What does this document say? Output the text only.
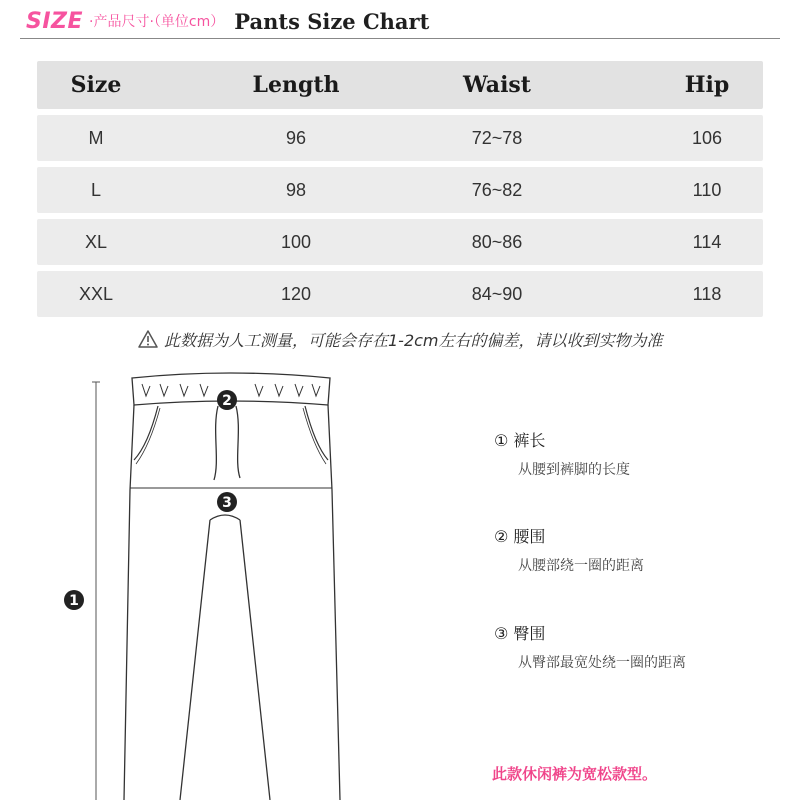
SIZE ·产品尺寸·（单位cm） Pants Size Chart
Size	Length	Waist	Hip
M	96	72~78	106
L	98	76~82	110
XL	100	80~86	114
XXL	120	84~90	118
此数据为人工测量，可能会存在1-2cm左右的偏差，请以收到实物为准
2
3
1
① 裤长
从腰到裤脚的长度
② 腰围
从腰部绕一圈的距离
③ 臀围
从臀部最宽处绕一圈的距离
此款休闲裤为宽松款型。
